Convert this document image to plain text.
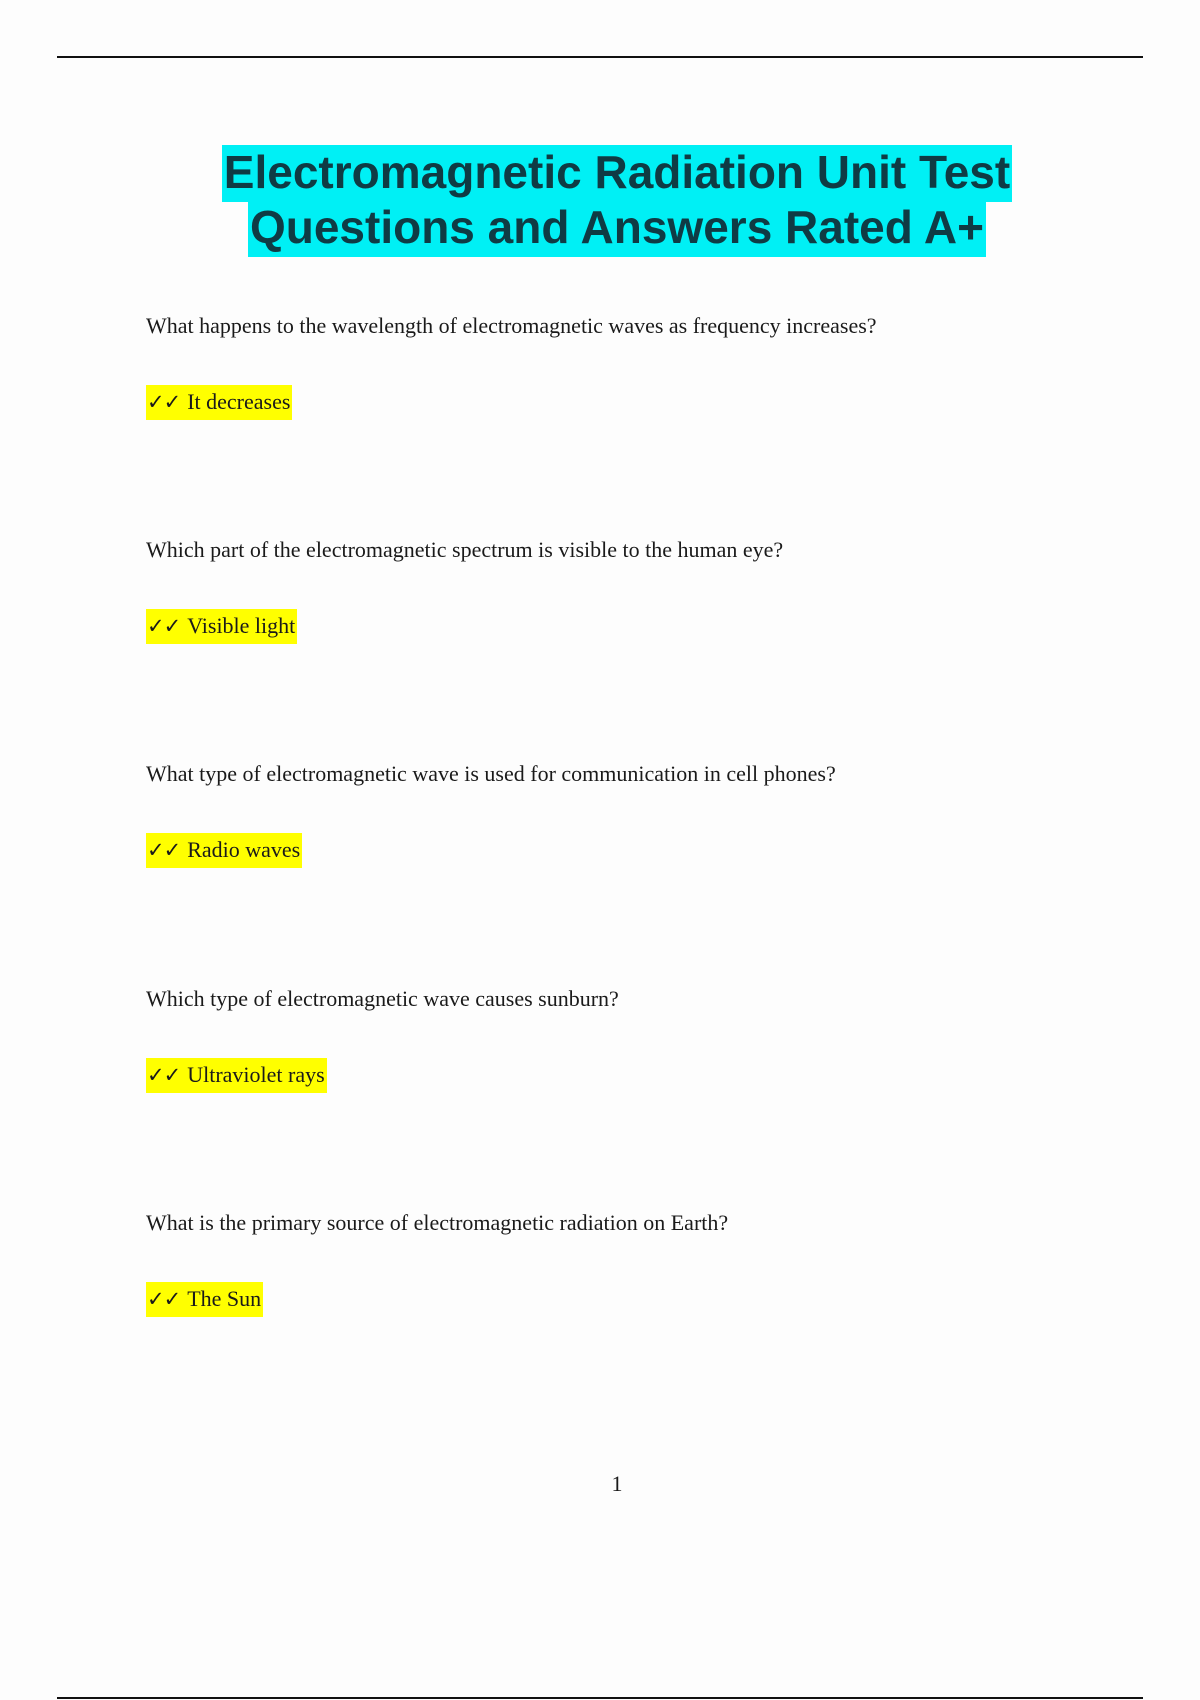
Electromagnetic Radiation Unit Test
Questions and Answers Rated A+

What happens to the wavelength of electromagnetic waves as frequency increases?

✓✓ It decreases

Which part of the electromagnetic spectrum is visible to the human eye?

✓✓ Visible light

What type of electromagnetic wave is used for communication in cell phones?

✓✓ Radio waves

Which type of electromagnetic wave causes sunburn?

✓✓ Ultraviolet rays

What is the primary source of electromagnetic radiation on Earth?

✓✓ The Sun
1
